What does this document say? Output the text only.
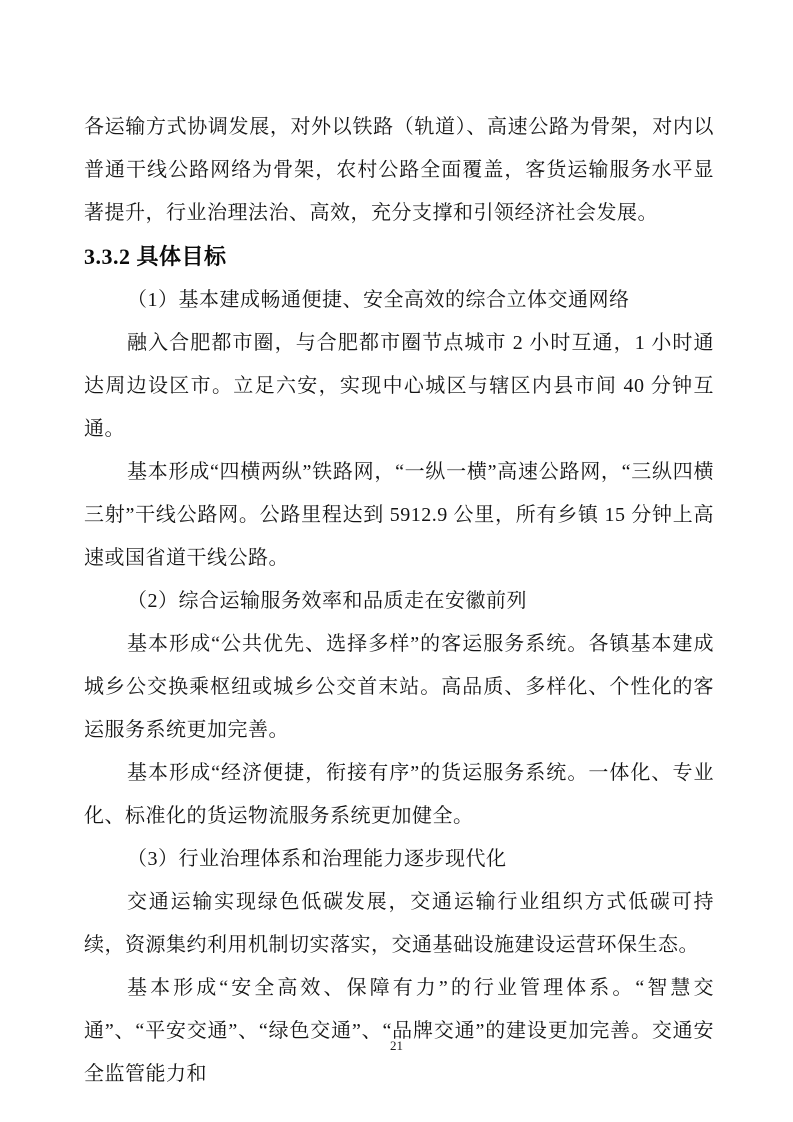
各运输方式协调发展，对外以铁路（轨道）、高速公路为骨架，对内以普通干线公路网络为骨架，农村公路全面覆盖，客货运输服务水平显著提升，行业治理法治、高效，充分支撑和引领经济社会发展。

3.3.2 具体目标

（1）基本建成畅通便捷、安全高效的综合立体交通网络

融入合肥都市圈，与合肥都市圈节点城市 2 小时互通，1 小时通达周边设区市。立足六安，实现中心城区与辖区内县市间 40 分钟互通。

基本形成“四横两纵”铁路网，“一纵一横”高速公路网，“三纵四横三射”干线公路网。公路里程达到 5912.9 公里，所有乡镇 15 分钟上高速或国省道干线公路。

（2）综合运输服务效率和品质走在安徽前列

基本形成“公共优先、选择多样”的客运服务系统。各镇基本建成城乡公交换乘枢纽或城乡公交首末站。高品质、多样化、个性化的客运服务系统更加完善。

基本形成“经济便捷，衔接有序”的货运服务系统。一体化、专业化、标准化的货运物流服务系统更加健全。

（3）行业治理体系和治理能力逐步现代化

交通运输实现绿色低碳发展，交通运输行业组织方式低碳可持续，资源集约利用机制切实落实，交通基础设施建设运营环保生态。

基本形成“安全高效、保障有力”的行业管理体系。“智慧交通”、“平安交通”、“绿色交通”、“品牌交通”的建设更加完善。交通安全监管能力和

21
